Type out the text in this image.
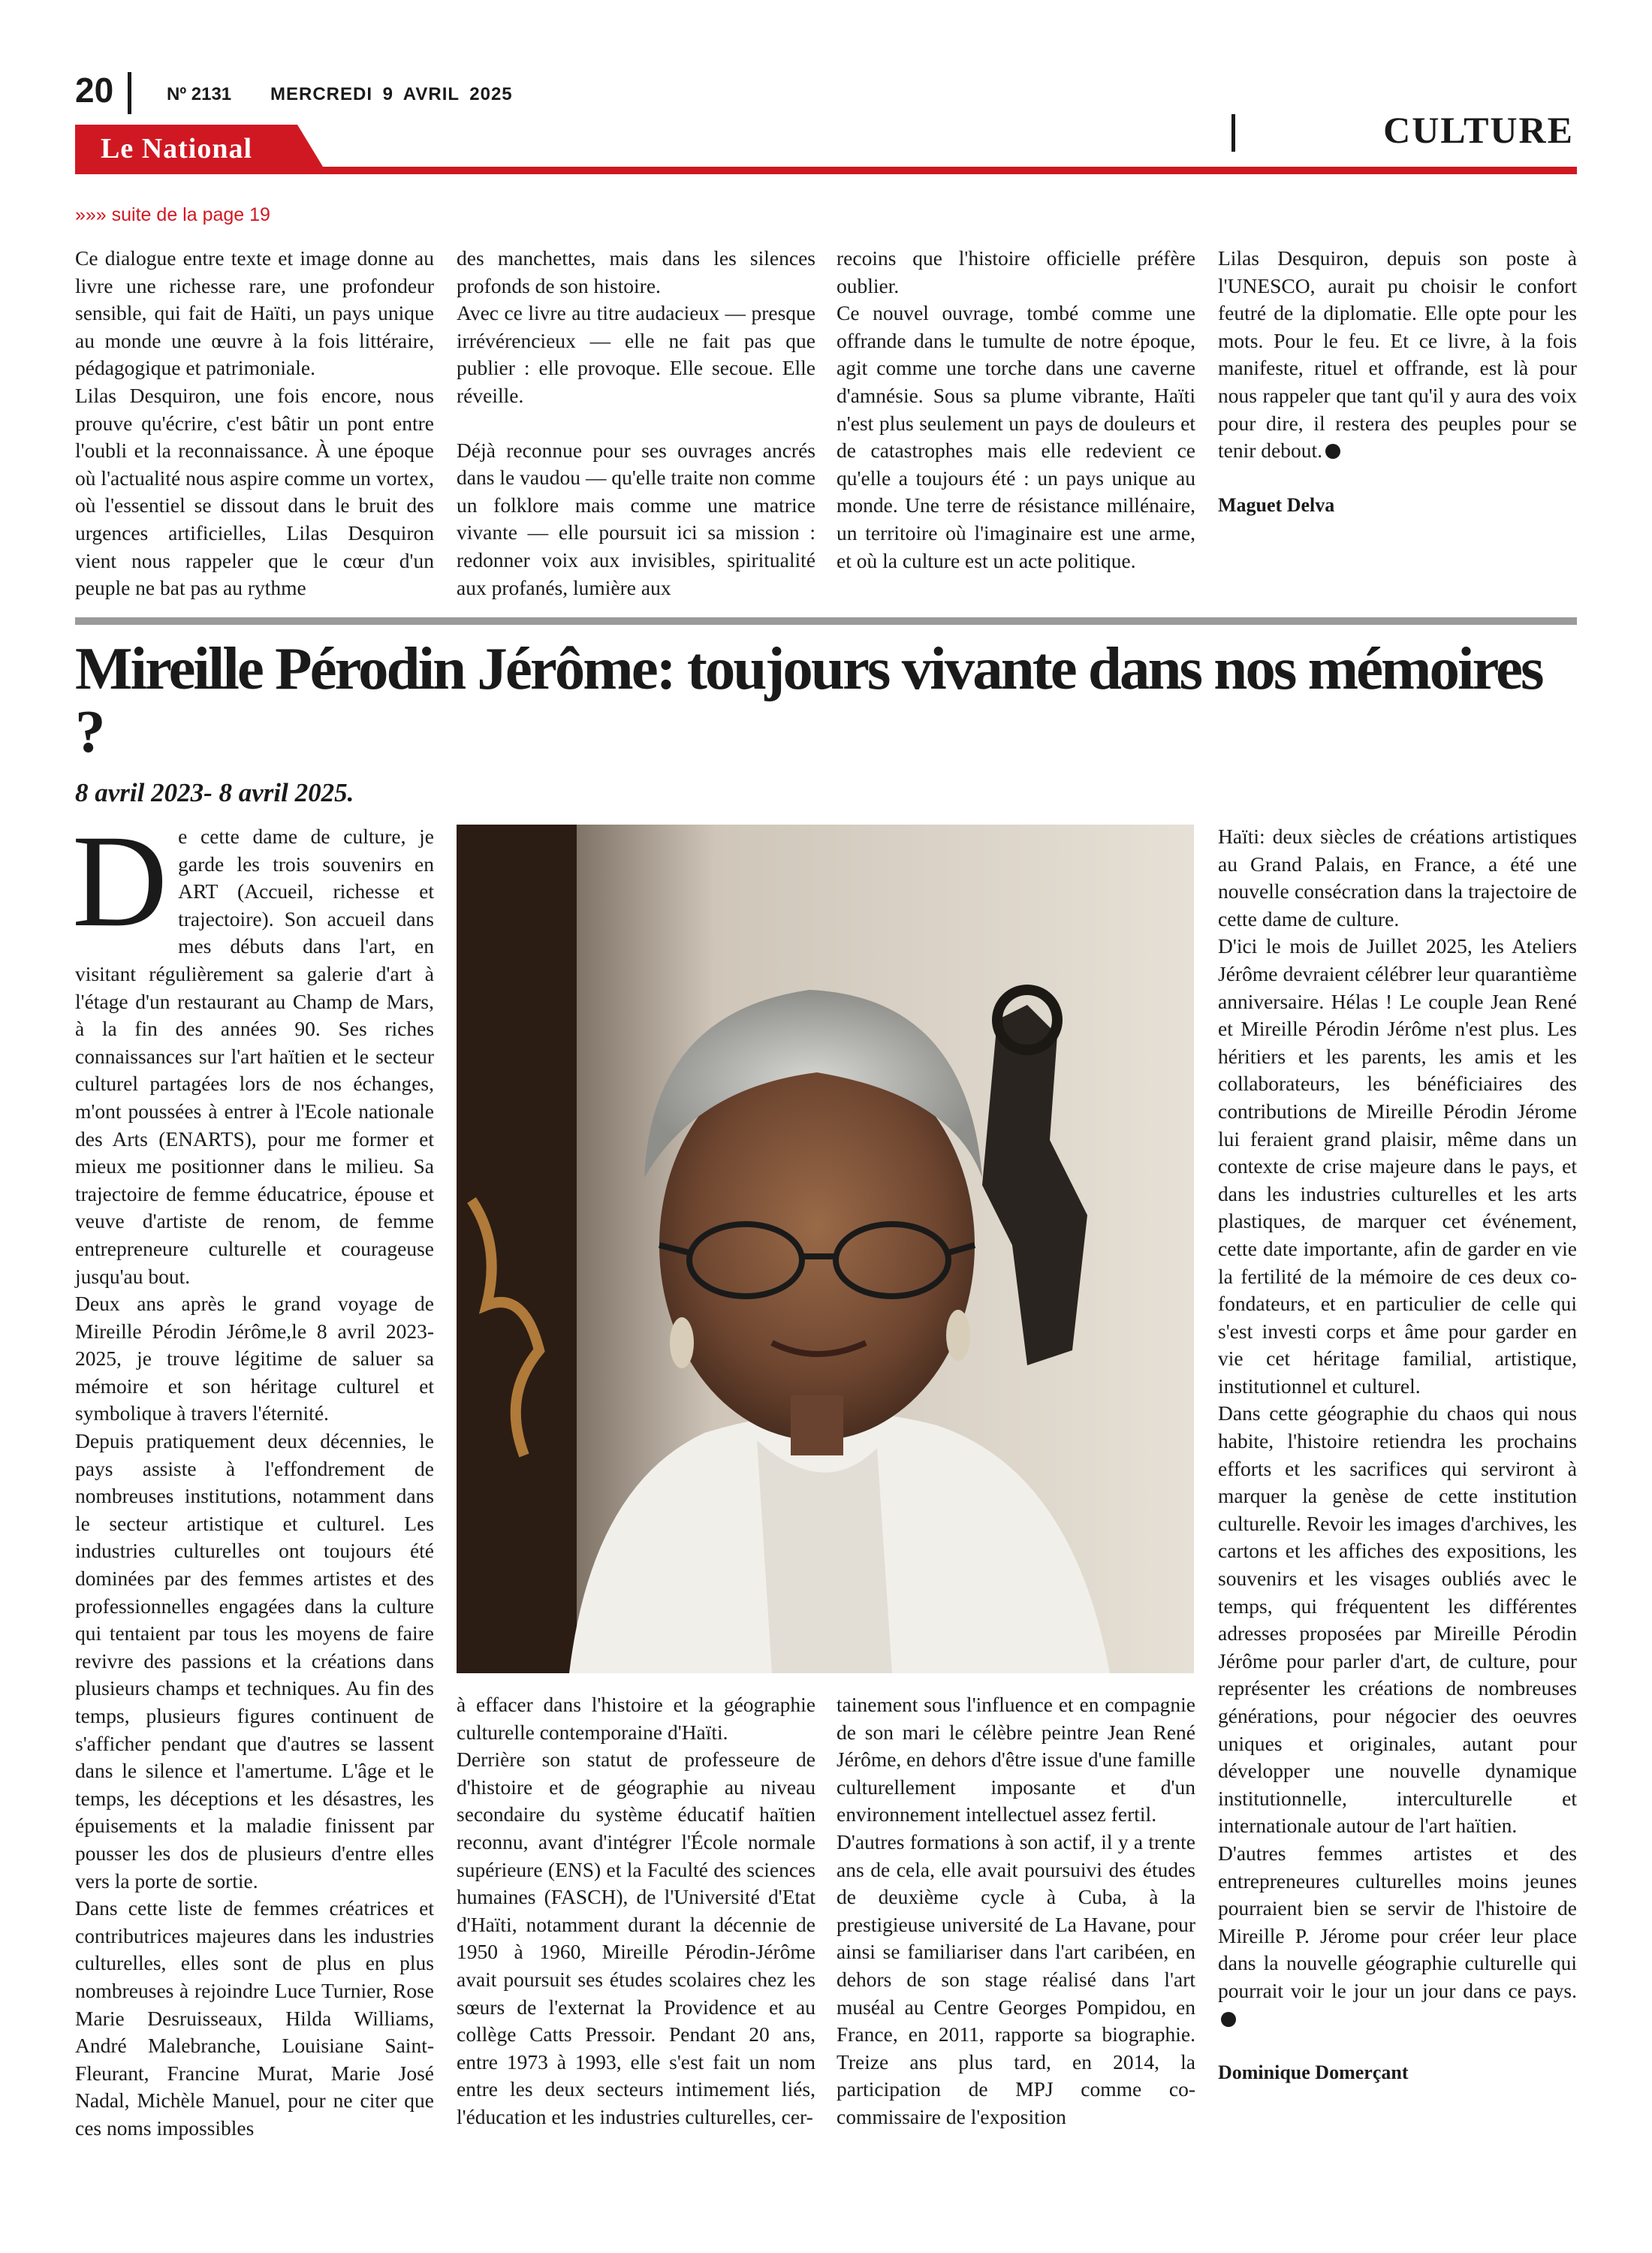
20	Nº 2131 MERCREDI 9 AVRIL 2025
CULTURE
Le National
»»» suite de la page 19

Ce dialogue entre texte et image donne au livre une richesse rare, une profondeur sensible, qui fait de Haïti, un pays unique au monde une œuvre à la fois littéraire, pédagogique et patrimoniale.

Lilas Desquiron, une fois encore, nous prouve qu'écrire, c'est bâtir un pont entre l'oubli et la reconnaissance. À une époque où l'actualité nous aspire comme un vortex, où l'essentiel se dissout dans le bruit des urgences artificielles, Lilas Desquiron vient nous rappeler que le cœur d'un peuple ne bat pas au rythme

des manchettes, mais dans les silences profonds de son histoire.

Avec ce livre au titre audacieux — presque irrévérencieux — elle ne fait pas que publier : elle provoque. Elle secoue. Elle réveille.

Déjà reconnue pour ses ouvrages ancrés dans le vaudou — qu'elle traite non comme un folklore mais comme une matrice vivante — elle poursuit ici sa mission : redonner voix aux invisibles, spiritualité aux profanés, lumière aux

recoins que l'histoire officielle préfère oublier.

Ce nouvel ouvrage, tombé comme une offrande dans le tumulte de notre époque, agit comme une torche dans une caverne d'amnésie. Sous sa plume vibrante, Haïti n'est plus seulement un pays de douleurs et de catastrophes mais elle redevient ce qu'elle a toujours été : un pays unique au monde. Une terre de résistance millénaire, un territoire où l'imaginaire est une arme, et où la culture est un acte politique.

Lilas Desquiron, depuis son poste à l'UNESCO, aurait pu choisir le confort feutré de la diplomatie. Elle opte pour les mots. Pour le feu. Et ce livre, à la fois manifeste, rituel et offrande, est là pour nous rappeler que tant qu'il y aura des voix pour dire, il restera des peuples pour se tenir debout.

Maguet Delva

Mireille Pérodin Jérôme: toujours vivante dans nos mémoires ?
8 avril 2023- 8 avril 2025.

De cette dame de culture, je garde les trois souvenirs en ART (Accueil, richesse et trajectoire). Son accueil dans mes débuts dans l'art, en visitant régulièrement sa galerie d'art à l'étage d'un restaurant au Champ de Mars, à la fin des années 90. Ses riches connaissances sur l'art haïtien et le secteur culturel partagées lors de nos échanges, m'ont poussées à entrer à l'Ecole nationale des Arts (ENARTS), pour me former et mieux me positionner dans le milieu. Sa trajectoire de femme éducatrice, épouse et veuve d'artiste de renom, de femme entrepreneure culturelle et courageuse jusqu'au bout.

Deux ans après le grand voyage de Mireille Pérodin Jérôme,le 8 avril 2023-2025, je trouve légitime de saluer sa mémoire et son héritage culturel et symbolique à travers l'éternité.

Depuis pratiquement deux décennies, le pays assiste à l'effondrement de nombreuses institutions, notamment dans le secteur artistique et culturel. Les industries culturelles ont toujours été dominées par des femmes artistes et des professionnelles engagées dans la culture qui tentaient par tous les moyens de faire revivre des passions et la créations dans plusieurs champs et techniques. Au fin des temps, plusieurs figures continuent de s'afficher pendant que d'autres se lassent dans le silence et l'amertume. L'âge et le temps, les déceptions et les désastres, les épuisements et la maladie finissent par pousser les dos de plusieurs d'entre elles vers la porte de sortie.

Dans cette liste de femmes créatrices et contributrices majeures dans les industries culturelles, elles sont de plus en plus nombreuses à rejoindre Luce Turnier, Rose Marie Desruisseaux, Hilda Williams, André Malebranche, Louisiane Saint-Fleurant, Francine Murat, Marie José Nadal, Michèle Manuel, pour ne citer que ces noms impossibles

à effacer dans l'histoire et la géographie culturelle contemporaine d'Haïti.

Derrière son statut de professeure de d'histoire et de géographie au niveau secondaire du système éducatif haïtien reconnu, avant d'intégrer l'École normale supérieure (ENS) et la Faculté des sciences humaines (FASCH), de l'Université d'Etat d'Haïti, notamment durant la décennie de 1950 à 1960, Mireille Pérodin-Jérôme avait poursuit ses études scolaires chez les sœurs de l'externat la Providence et au collège Catts Pressoir. Pendant 20 ans, entre 1973 à 1993, elle s'est fait un nom entre les deux secteurs intimement liés, l'éducation et les industries culturelles, cer-

tainement sous l'influence et en compagnie de son mari le célèbre peintre Jean René Jérôme, en dehors d'être issue d'une famille culturellement imposante et d'un environnement intellectuel assez fertil.

D'autres formations à son actif, il y a trente ans de cela, elle avait poursuivi des études de deuxième cycle à Cuba, à la prestigieuse université de La Havane, pour ainsi se familiariser dans l'art caribéen, en dehors de son stage réalisé dans l'art muséal au Centre Georges Pompidou, en France, en 2011, rapporte sa biographie. Treize ans plus tard, en 2014, la participation de MPJ comme co-commissaire de l'exposition

Haïti: deux siècles de créations artistiques au Grand Palais, en France, a été une nouvelle consécration dans la trajectoire de cette dame de culture.

D'ici le mois de Juillet 2025, les Ateliers Jérôme devraient célébrer leur quarantième anniversaire. Hélas ! Le couple Jean René et Mireille Pérodin Jérôme n'est plus. Les héritiers et les parents, les amis et les collaborateurs, les bénéficiaires des contributions de Mireille Pérodin Jérome lui feraient grand plaisir, même dans un contexte de crise majeure dans le pays, et dans les industries culturelles et les arts plastiques, de marquer cet événement, cette date importante, afin de garder en vie la fertilité de la mémoire de ces deux co-fondateurs, et en particulier de celle qui s'est investi corps et âme pour garder en vie cet héritage familial, artistique, institutionnel et culturel.

Dans cette géographie du chaos qui nous habite, l'histoire retiendra les prochains efforts et les sacrifices qui serviront à marquer la genèse de cette institution culturelle. Revoir les images d'archives, les cartons et les affiches des expositions, les souvenirs et les visages oubliés avec le temps, qui fréquentent les différentes adresses proposées par Mireille Pérodin Jérôme pour parler d'art, de culture, pour représenter les créations de nombreuses générations, pour négocier des oeuvres uniques et originales, autant pour développer une nouvelle dynamique institutionnelle, interculturelle et internationale autour de l'art haïtien.

D'autres femmes artistes et des entrepreneures culturelles moins jeunes pourraient bien se servir de l'histoire de Mireille P. Jérome pour créer leur place dans la nouvelle géographie culturelle qui pourrait voir le jour un jour dans ce pays.

Dominique Domerçant
